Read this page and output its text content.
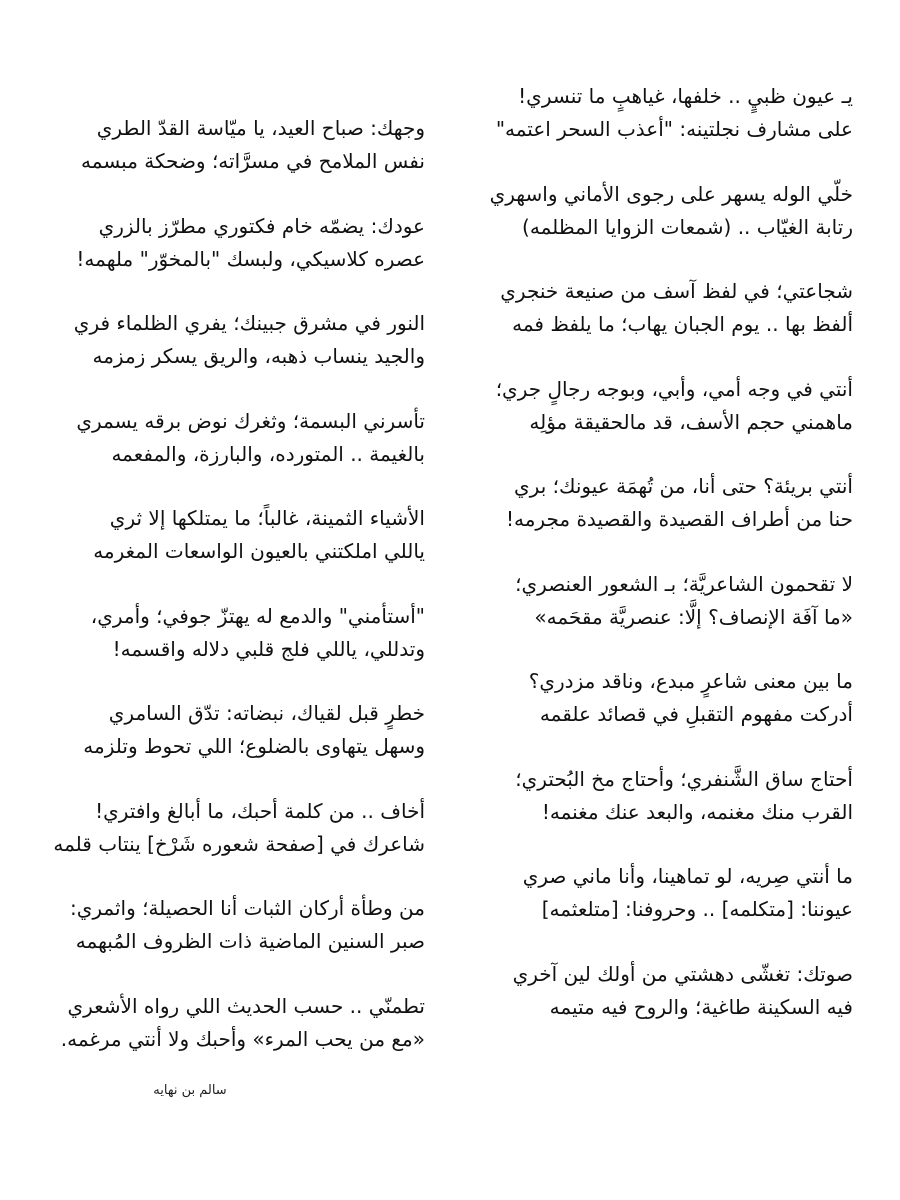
يـ عيون ظبيٍ .. خلفها، غياهبٍ ما تنسري!
على مشارف نجلتينه: "أعذب السحر اعتمه"
خلّي الوله يسهر على رجوى الأماني واسهري
رتابة الغيّاب .. (شمعات الزوايا المظلمه)
شجاعتي؛ في لفظ آسف من صنيعة خنجري
ألفظ بها .. يوم الجبان يهاب؛ ما يلفظ فمه
أنتي في وجه أمي، وأبي، وبوجه رجالٍ جري؛
ماهمني حجم الأسف، قد مالحقيقة مؤلِه
أنتي بريئة؟ حتى أنا، من تُهمَة عيونك؛ بري
حنا من أطراف القصيدة والقصيدة مجرمه!
لا تقحمون الشاعريَّة؛ بـ الشعور العنصري؛
«ما آفَة الإنصاف؟ إلَّا: عنصريَّة مقحَمه»
ما بين معنى شاعرٍ مبدع، وناقد مزدري؟
أدركت مفهوم التقبلِ في قصائد علقمه
أحتاج ساق الشَّنفري؛ وأحتاج مخ البُحتري؛
القرب منك مغنمه، والبعد عنك مغنمه!
ما أنتي صِريه، لو تماهينا، وأنا ماني صري
عيوننا: [متكلمه] .. وحروفنا: [متلعثمه]
صوتك: تغشّى دهشتي من أولك لين آخري
فيه السكينة طاغية؛ والروح فيه متيمه
وجهك: صباح العيد، يا ميّاسة القدّ الطري
نفس الملامح في مسرَّاته؛ وضحكة مبسمه
عودك: يضمّه خام فكتوري مطرّز بالزري
عصره كلاسيكي، ولبسك "بالمخوّر" ملهمه!
النور في مشرق جبينك؛ يفري الظلماء فري
والجيد ينساب ذهبه، والريق يسكر زمزمه
تأسرني البسمة؛ وثغرك نوض برقه يسمري
بالغيمة .. المتورده، والبارزة، والمفعمه
الأشياء الثمينة، غالباً؛ ما يمتلكها إلا ثري
ياللي املكتني بالعيون الواسعات المغرمه
"أستأمني" والدمع له يهتزّ جوفي؛ وأمري،
وتدللي، ياللي فلج قلبي دلاله واقسمه!
خطرٍ قبل لقياك، نبضاته: تدّق السامري
وسهل يتهاوى بالضلوع؛ اللي تحوط وتلزمه
أخاف .. من كلمة أحبك، ما أبالغ وافتري!
شاعرك في [صفحة شعوره شَرْخ] ينتاب قلمه
من وطأة أركان الثبات أنا الحصيلة؛ واثمري:
صبر السنين الماضية ذات الظروف المُبهمه
تطمنّي .. حسب الحديث اللي رواه الأشعري
«مع من يحب المرء» وأحبك ولا أنتي مرغمه.
سالم بن نهايه
